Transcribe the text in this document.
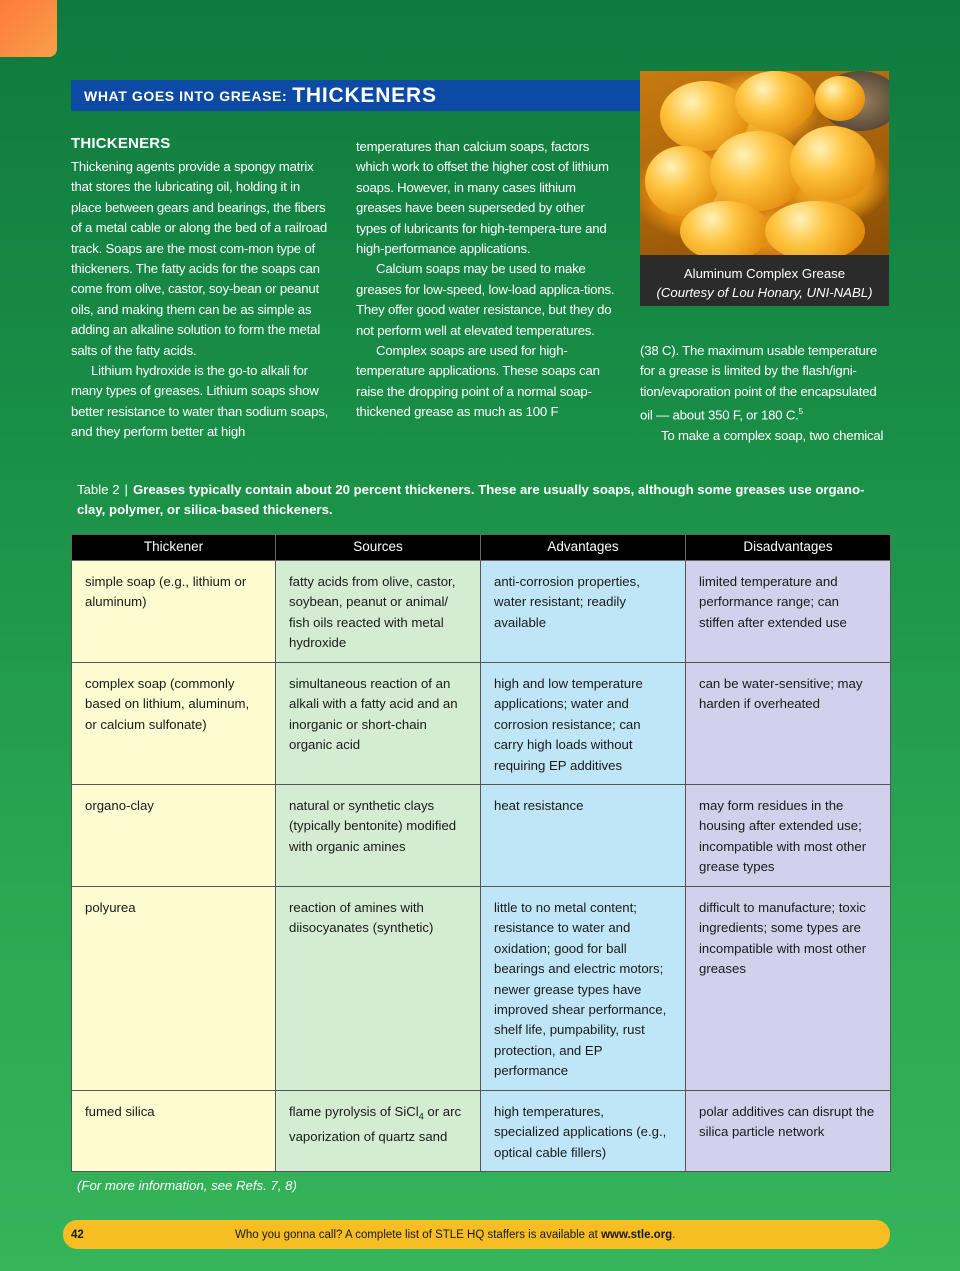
WHAT GOES INTO GREASE: THICKENERS
THICKENERS

Thickening agents provide a spongy matrix that stores the lubricating oil, holding it in place between gears and bearings, the fibers of a metal cable or along the bed of a railroad track. Soaps are the most com-mon type of thickeners. The fatty acids for the soaps can come from olive, castor, soy-bean or peanut oils, and making them can be as simple as adding an alkaline solution to form the metal salts of the fatty acids.

Lithium hydroxide is the go-to alkali for many types of greases. Lithium soaps show better resistance to water than sodium soaps, and they perform better at high

temperatures than calcium soaps, factors which work to offset the higher cost of lithium soaps. However, in many cases lithium greases have been superseded by other types of lubricants for high-tempera-ture and high-performance applications.

Calcium soaps may be used to make greases for low-speed, low-load applica-tions. They offer good water resistance, but they do not perform well at elevated temperatures.

Complex soaps are used for high-temperature applications. These soaps can raise the dropping point of a normal soap-thickened grease as much as 100 F

Aluminum Complex Grease
(Courtesy of Lou Honary, UNI-NABL)

(38 C). The maximum usable temperature for a grease is limited by the flash/igni-tion/evaporation point of the encapsulated oil — about 350 F, or 180 C.$^5$

To make a complex soap, two chemical

Table 2 | Greases typically contain about 20 percent thickeners. These are usually soaps, although some greases use organo-clay, polymer, or silica-based thickeners.
Thickener	Sources	Advantages	Disadvantages
simple soap (e.g., lithium or aluminum)	fatty acids from olive, castor, soybean, peanut or animal/ fish oils reacted with metal hydroxide	anti-corrosion properties, water resistant; readily available	limited temperature and performance range; can stiffen after extended use
complex soap (commonly based on lithium, aluminum, or calcium sulfonate)	simultaneous reaction of an alkali with a fatty acid and an inorganic or short-chain organic acid	high and low temperature applications; water and corrosion resistance; can carry high loads without requiring EP additives	can be water-sensitive; may harden if overheated
organo-clay	natural or synthetic clays (typically bentonite) modified with organic amines	heat resistance	may form residues in the housing after extended use; incompatible with most other grease types
polyurea	reaction of amines with diisocyanates (synthetic)	little to no metal content; resistance to water and oxidation; good for ball bearings and electric motors; newer grease types have improved shear performance, shelf life, pumpability, rust protection, and EP performance	difficult to manufacture; toxic ingredients; some types are incompatible with most other greases
fumed silica	flame pyrolysis of SiCl$_4$ or arc vaporization of quartz sand	high temperatures, specialized applications (e.g., optical cable fillers)	polar additives can disrupt the silica particle network
(For more information, see Refs. 7, 8)
42	Who you gonna call? A complete list of STLE HQ staffers is available at www.stle.org.
